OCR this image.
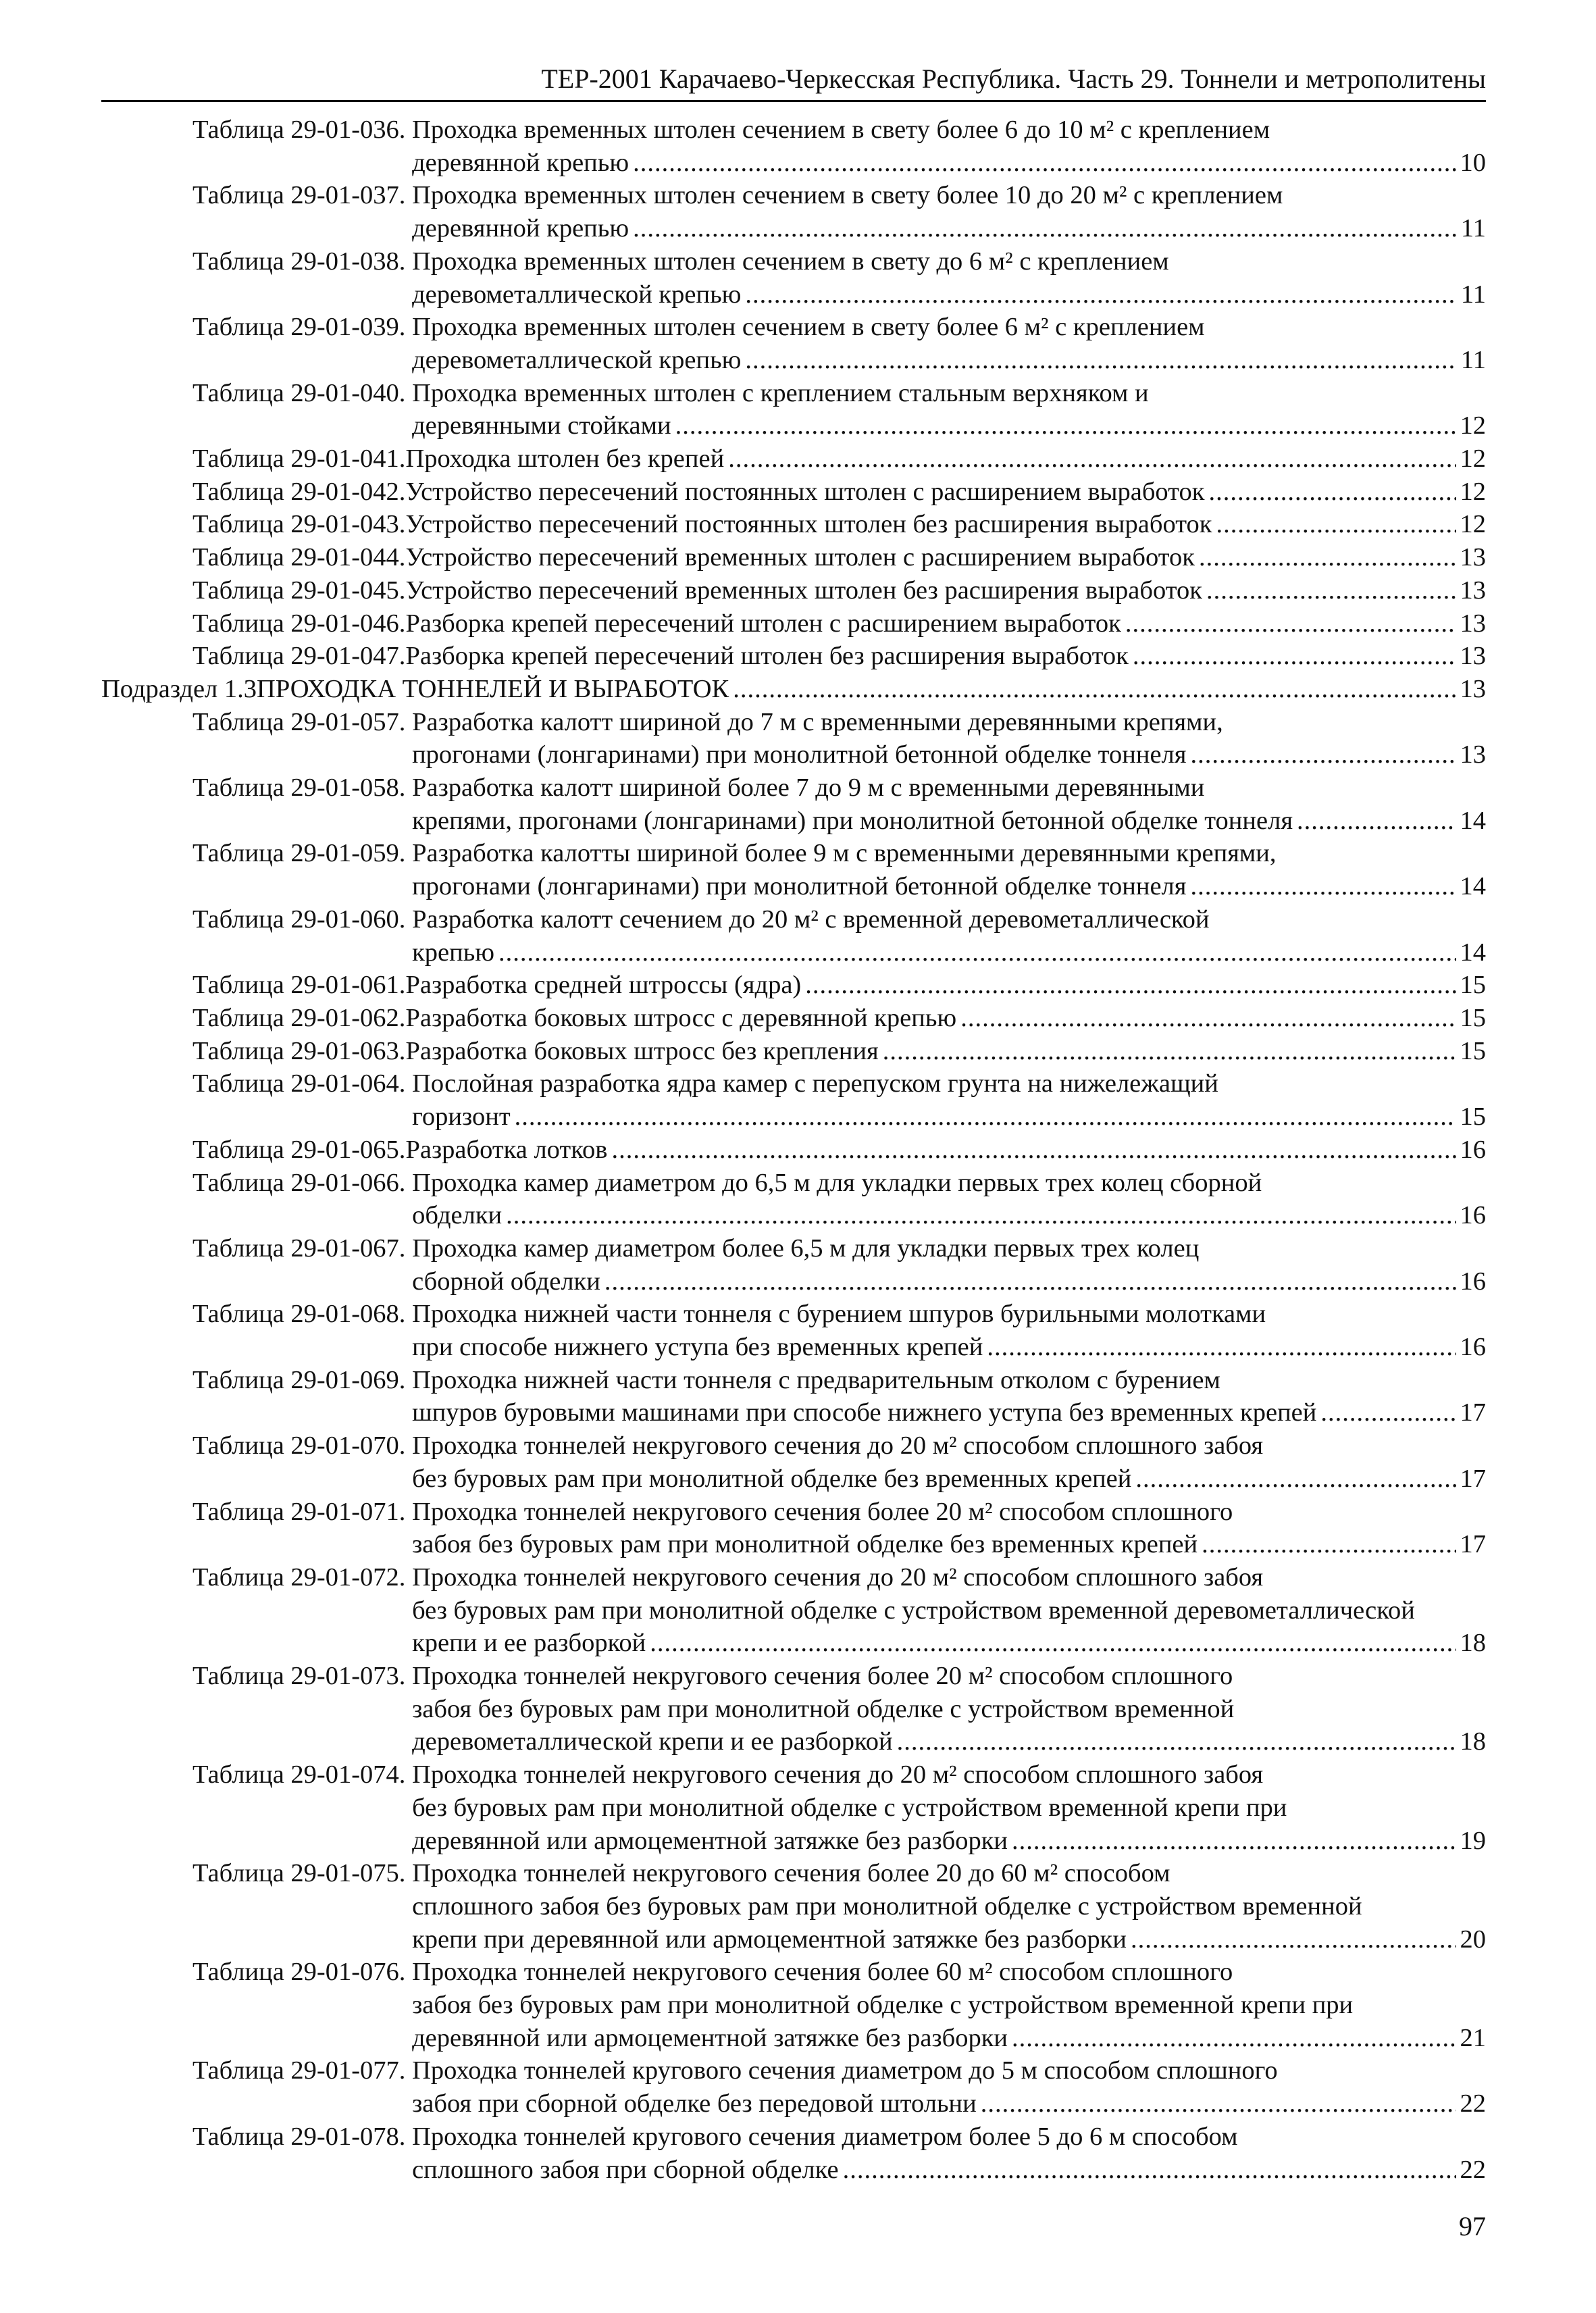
ТЕР-2001 Карачаево-Черкесская Республика. Часть 29. Тоннели и метрополитены
Таблица 29-01-036. Проходка временных штолен сечением в свету более 6 до 10 м² с креплением
деревянной крепью .....	10
Таблица 29-01-037. Проходка временных штолен сечением в свету более 10 до 20 м² с креплением
деревянной крепью .....	11
Таблица 29-01-038. Проходка временных штолен сечением в свету до 6 м² с креплением
деревометаллической крепью .....	11
Таблица 29-01-039. Проходка временных штолен сечением в свету более 6 м² с креплением
деревометаллической крепью .....	11
Таблица 29-01-040. Проходка временных штолен с креплением стальным верхняком и
деревянными стойками .....	12
Таблица 29-01-041. Проходка штолен без крепей .....	12
Таблица 29-01-042. Устройство пересечений постоянных штолен с расширением выработок .....	12
Таблица 29-01-043. Устройство пересечений постоянных штолен без расширения выработок .....	12
Таблица 29-01-044. Устройство пересечений временных штолен с расширением выработок .....	13
Таблица 29-01-045. Устройство пересечений временных штолен без расширения выработок .....	13
Таблица 29-01-046. Разборка крепей пересечений штолен с расширением выработок .....	13
Таблица 29-01-047. Разборка крепей пересечений штолен без расширения выработок .....	13
Подраздел 1.3 ПРОХОДКА ТОННЕЛЕЙ И ВЫРАБОТОК .....	13
Таблица 29-01-057. Разработка калотт шириной до 7 м с временными деревянными крепями,
прогонами (лонгаринами) при монолитной бетонной обделке тоннеля .....	13
Таблица 29-01-058. Разработка калотт шириной более 7 до 9 м с временными деревянными
крепями, прогонами (лонгаринами) при монолитной бетонной обделке тоннеля .....	14
Таблица 29-01-059. Разработка калотты шириной более 9 м с временными деревянными крепями,
прогонами (лонгаринами) при монолитной бетонной обделке тоннеля .....	14
Таблица 29-01-060. Разработка калотт сечением до 20 м² с временной деревометаллической
крепью .....	14
Таблица 29-01-061. Разработка средней штроссы (ядра) .....	15
Таблица 29-01-062. Разработка боковых штросс с деревянной крепью .....	15
Таблица 29-01-063. Разработка боковых штросс без крепления .....	15
Таблица 29-01-064. Послойная разработка ядра камер с перепуском грунта на нижележащий
горизонт .....	15
Таблица 29-01-065. Разработка лотков .....	16
Таблица 29-01-066. Проходка камер диаметром до 6,5 м для укладки первых трех колец сборной
обделки .....	16
Таблица 29-01-067. Проходка камер диаметром более 6,5 м для укладки первых трех колец
сборной обделки .....	16
Таблица 29-01-068. Проходка нижней части тоннеля с бурением шпуров бурильными молотками
при способе нижнего уступа без временных крепей .....	16
Таблица 29-01-069. Проходка нижней части тоннеля с предварительным отколом с бурением
шпуров буровыми машинами при способе нижнего уступа без временных крепей .....	17
Таблица 29-01-070. Проходка тоннелей некругового сечения до 20 м² способом сплошного забоя
без буровых рам при монолитной обделке без временных крепей .....	17
Таблица 29-01-071. Проходка тоннелей некругового сечения более 20 м² способом сплошного
забоя без буровых рам при монолитной обделке без временных крепей .....	17
Таблица 29-01-072. Проходка тоннелей некругового сечения до 20 м² способом сплошного забоя
без буровых рам при монолитной обделке с устройством временной деревометаллической
крепи и ее разборкой .....	18
Таблица 29-01-073. Проходка тоннелей некругового сечения более 20 м² способом сплошного
забоя без буровых рам при монолитной обделке с устройством временной
деревометаллической крепи и ее разборкой .....	18
Таблица 29-01-074. Проходка тоннелей некругового сечения до 20 м² способом сплошного забоя
без буровых рам при монолитной обделке с устройством временной крепи при
деревянной или армоцементной затяжке без разборки .....	19
Таблица 29-01-075. Проходка тоннелей некругового сечения более 20 до 60 м² способом
сплошного забоя без буровых рам при монолитной обделке с устройством временной
крепи при деревянной или армоцементной затяжке без разборки .....	20
Таблица 29-01-076. Проходка тоннелей некругового сечения более 60 м² способом сплошного
забоя без буровых рам при монолитной обделке с устройством временной крепи при
деревянной или армоцементной затяжке без разборки .....	21
Таблица 29-01-077. Проходка тоннелей кругового сечения диаметром до 5 м способом сплошного
забоя при сборной обделке без передовой штольни .....	22
Таблица 29-01-078. Проходка тоннелей кругового сечения диаметром более 5 до 6 м способом
сплошного забоя при сборной обделке .....	22
97
